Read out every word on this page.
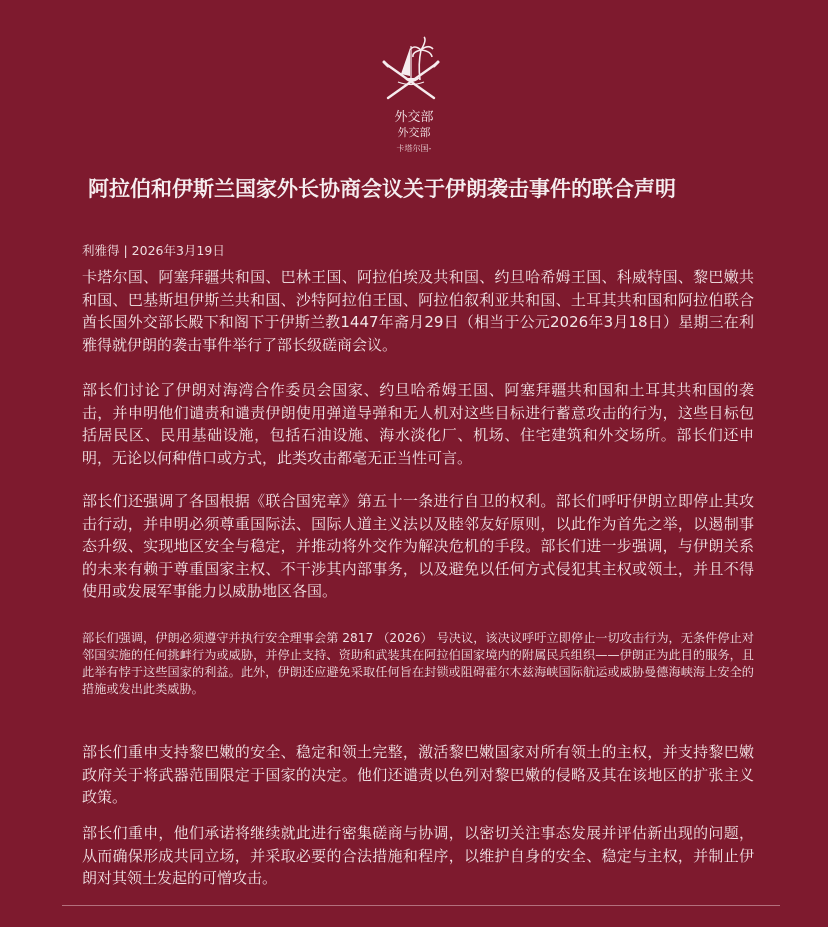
外交部
外交部
卡塔尔国-
阿拉伯和伊斯兰国家外长协商会议关于伊朗袭击事件的联合声明
利雅得 | 2026年3月19日
卡塔尔国、阿塞拜疆共和国、巴林王国、阿拉伯埃及共和国、约旦哈希姆王国、科威特国、黎巴嫩共和国、巴基斯坦伊斯兰共和国、沙特阿拉伯王国、阿拉伯叙利亚共和国、土耳其共和国和阿拉伯联合酋长国外交部长殿下和阁下于伊斯兰教1447年斋月29日（相当于公元2026年3月18日）星期三在利雅得就伊朗的袭击事件举行了部长级磋商会议。
部长们讨论了伊朗对海湾合作委员会国家、约旦哈希姆王国、阿塞拜疆共和国和土耳其共和国的袭击，并申明他们谴责和谴责伊朗使用弹道导弹和无人机对这些目标进行蓄意攻击的行为，这些目标包括居民区、民用基础设施，包括石油设施、海水淡化厂、机场、住宅建筑和外交场所。部长们还申明，无论以何种借口或方式，此类攻击都毫无正当性可言。
部长们还强调了各国根据《联合国宪章》第五十一条进行自卫的权利。部长们呼吁伊朗立即停止其攻击行动，并申明必须尊重国际法、国际人道主义法以及睦邻友好原则，以此作为首先之举，以遏制事态升级、实现地区安全与稳定，并推动将外交作为解决危机的手段。部长们进一步强调，与伊朗关系的未来有赖于尊重国家主权、不干涉其内部事务，以及避免以任何方式侵犯其主权或领土，并且不得使用或发展军事能力以威胁地区各国。
部长们强调，伊朗必须遵守并执行安全理事会第 2817 （2026） 号决议，该决议呼吁立即停止一切攻击行为，无条件停止对邻国实施的任何挑衅行为或威胁，并停止支持、资助和武装其在阿拉伯国家境内的附属民兵组织——伊朗正为此目的服务，且此举有悖于这些国家的利益。此外，伊朗还应避免采取任何旨在封锁或阻碍霍尔木兹海峡国际航运或威胁曼德海峡海上安全的措施或发出此类威胁。
部长们重申支持黎巴嫩的安全、稳定和领土完整，激活黎巴嫩国家对所有领土的主权，并支持黎巴嫩政府关于将武器范围限定于国家的决定。他们还谴责以色列对黎巴嫩的侵略及其在该地区的扩张主义政策。
部长们重申，他们承诺将继续就此进行密集磋商与协调，以密切关注事态发展并评估新出现的问题，从而确保形成共同立场，并采取必要的合法措施和程序，以维护自身的安全、稳定与主权，并制止伊朗对其领土发起的可憎攻击。
